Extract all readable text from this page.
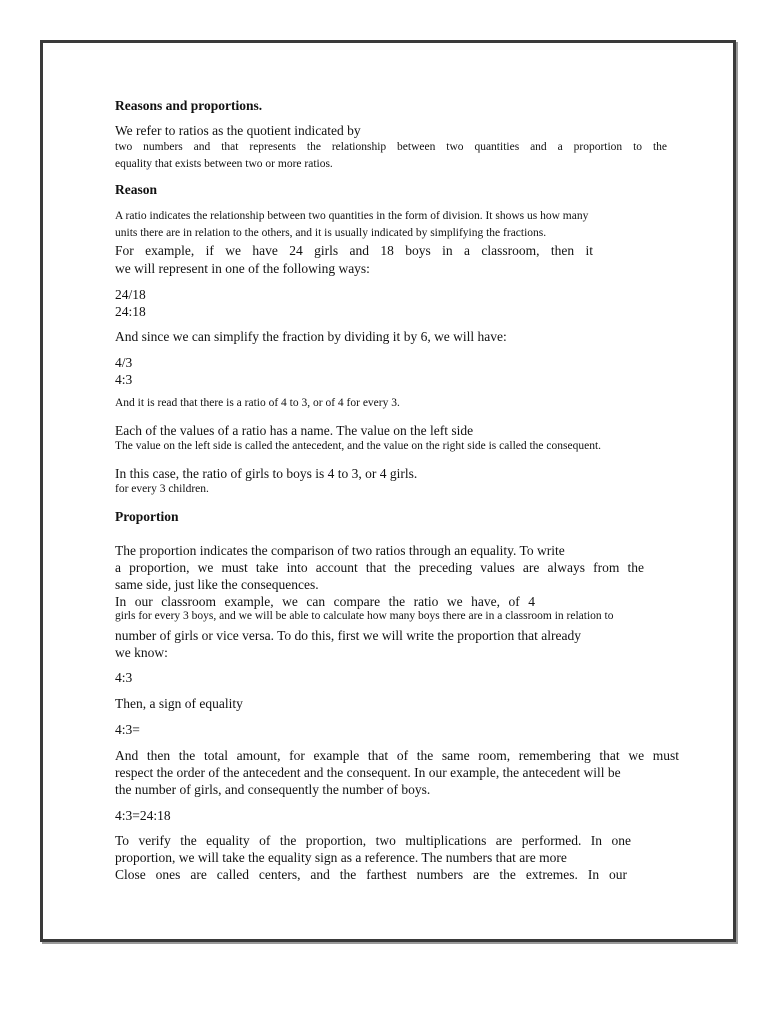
Reasons and proportions.
We refer to ratios as the quotient indicated by
two numbers and that represents the relationship between two quantities and a proportion to the
equality that exists between two or more ratios.
Reason
A ratio indicates the relationship between two quantities in the form of division. It shows us how many
units there are in relation to the others, and it is usually indicated by simplifying the fractions.
For example, if we have 24 girls and 18 boys in a classroom, then it
we will represent in one of the following ways:
24/18
24:18
And since we can simplify the fraction by dividing it by 6, we will have:
4/3
4:3
And it is read that there is a ratio of 4 to 3, or of 4 for every 3.
Each of the values of a ratio has a name. The value on the left side
The value on the left side is called the antecedent, and the value on the right side is called the consequent.
In this case, the ratio of girls to boys is 4 to 3, or 4 girls.
for every 3 children.
Proportion
The proportion indicates the comparison of two ratios through an equality. To write
a proportion, we must take into account that the preceding values are always from the
same side, just like the consequences.
In our classroom example, we can compare the ratio we have, of 4
girls for every 3 boys, and we will be able to calculate how many boys there are in a classroom in relation to
number of girls or vice versa. To do this, first we will write the proportion that already
we know:
4:3
Then, a sign of equality
4:3=
And then the total amount, for example that of the same room, remembering that we must
respect the order of the antecedent and the consequent. In our example, the antecedent will be
the number of girls, and consequently the number of boys.
4:3=24:18
To verify the equality of the proportion, two multiplications are performed. In one
proportion, we will take the equality sign as a reference. The numbers that are more
Close ones are called centers, and the farthest numbers are the extremes. In our
